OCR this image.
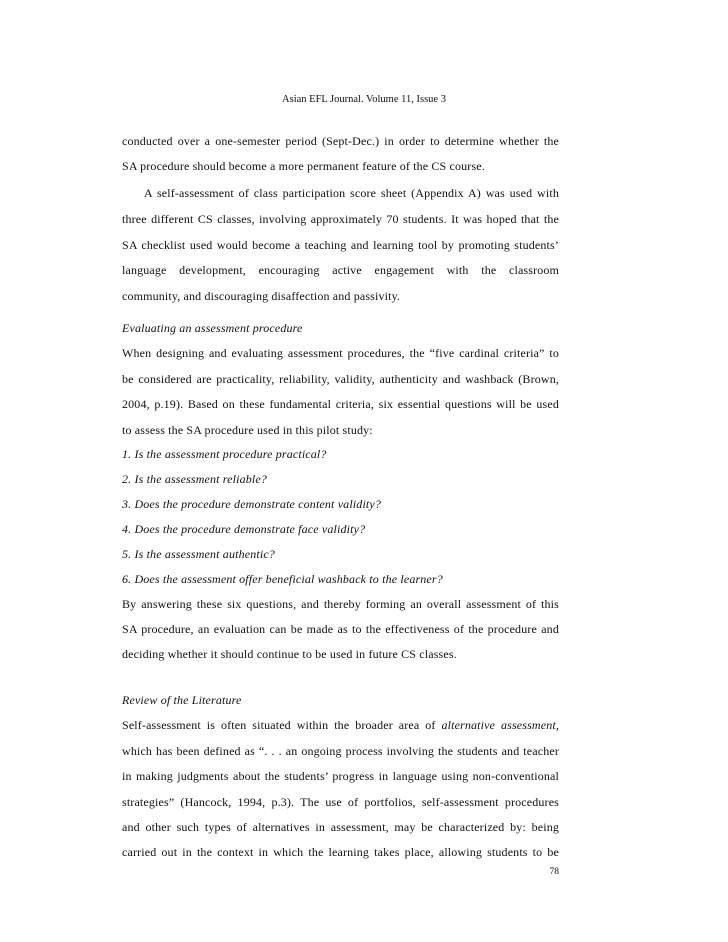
Asian EFL Journal. Volume 11, Issue 3
conducted over a one-semester period (Sept-Dec.) in order to determine whether the
SA procedure should become a more permanent feature of the CS course.
A self-assessment of class participation score sheet (Appendix A) was used with
three different CS classes, involving approximately 70 students. It was hoped that the
SA checklist used would become a teaching and learning tool by promoting students’
language development, encouraging active engagement with the classroom
community, and discouraging disaffection and passivity.
Evaluating an assessment procedure
When designing and evaluating assessment procedures, the “five cardinal criteria” to
be considered are practicality, reliability, validity, authenticity and washback (Brown,
2004, p.19). Based on these fundamental criteria, six essential questions will be used
to assess the SA procedure used in this pilot study:
1. Is the assessment procedure practical?
2. Is the assessment reliable?
3. Does the procedure demonstrate content validity?
4. Does the procedure demonstrate face validity?
5. Is the assessment authentic?
6. Does the assessment offer beneficial washback to the learner?
By answering these six questions, and thereby forming an overall assessment of this
SA procedure, an evaluation can be made as to the effectiveness of the procedure and
deciding whether it should continue to be used in future CS classes.
Review of the Literature
Self-assessment is often situated within the broader area of alternative assessment,
which has been defined as “. . . an ongoing process involving the students and teacher
in making judgments about the students’ progress in language using non-conventional
strategies” (Hancock, 1994, p.3). The use of portfolios, self-assessment procedures
and other such types of alternatives in assessment, may be characterized by: being
carried out in the context in which the learning takes place, allowing students to be
78
